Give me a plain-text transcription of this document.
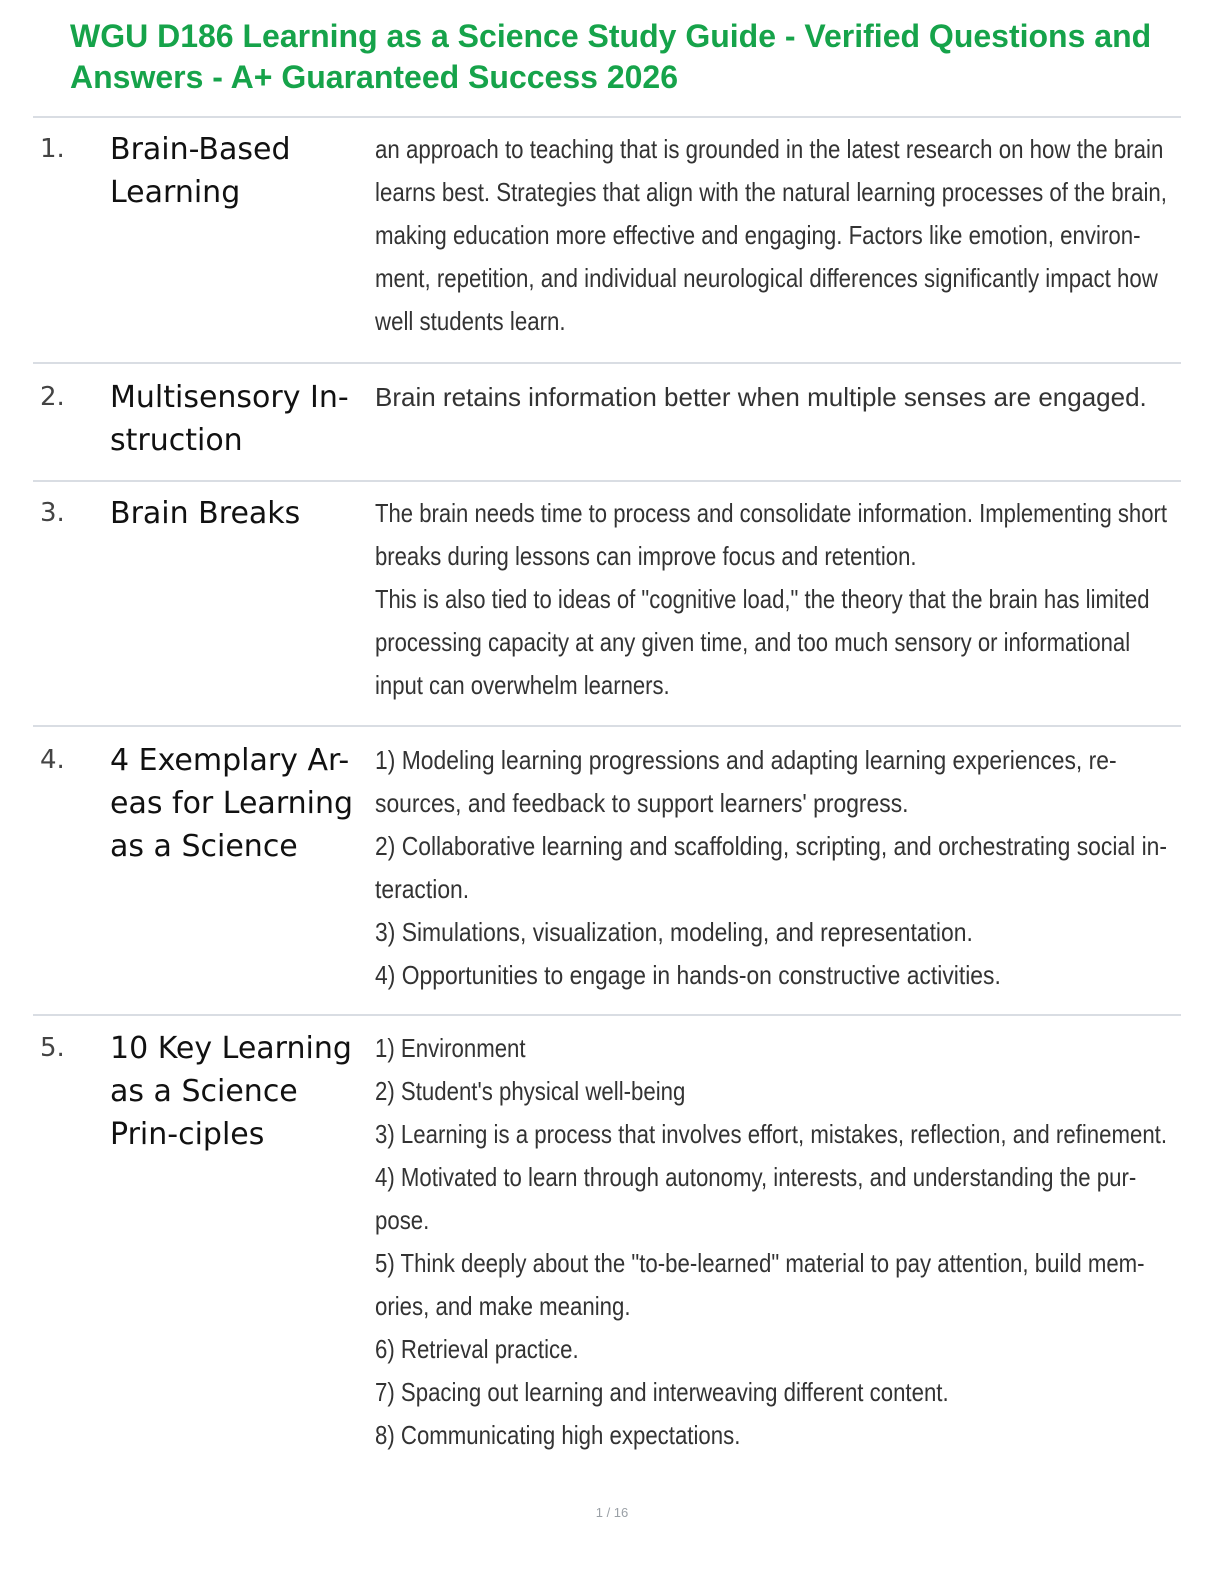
WGU D186 Learning as a Science Study Guide - Verified Questions and Answers - A+ Guaranteed Success 2026
1. Brain-Based Learning
an approach to teaching that is grounded in the latest research on how the brain
learns best. Strategies that align with the natural learning processes of the brain,
making education more effective and engaging. Factors like emotion, environ-
ment, repetition, and individual neurological differences significantly impact how
well students learn.
2. Multisensory In-struction
Brain retains information better when multiple senses are engaged.
3. Brain Breaks	The brain needs time to process and consolidate information. Implementing short
breaks during lessons can improve focus and retention.
This is also tied to ideas of "cognitive load," the theory that the brain has limited
processing capacity at any given time, and too much sensory or informational
input can overwhelm learners.
4. 4 Exemplary Ar-eas for Learning as a Science
1) Modeling learning progressions and adapting learning experiences, re-
sources, and feedback to support learners' progress.
2) Collaborative learning and scaffolding, scripting, and orchestrating social in-
teraction.
3) Simulations, visualization, modeling, and representation.
4) Opportunities to engage in hands-on constructive activities.
5. 10 Key Learning as a Science Prin-ciples
1) Environment
2) Student's physical well-being
3) Learning is a process that involves effort, mistakes, reflection, and refinement.
4) Motivated to learn through autonomy, interests, and understanding the pur-
pose.
5) Think deeply about the "to-be-learned" material to pay attention, build mem-
ories, and make meaning.
6) Retrieval practice.
7) Spacing out learning and interweaving different content.
8) Communicating high expectations.
1 / 16
